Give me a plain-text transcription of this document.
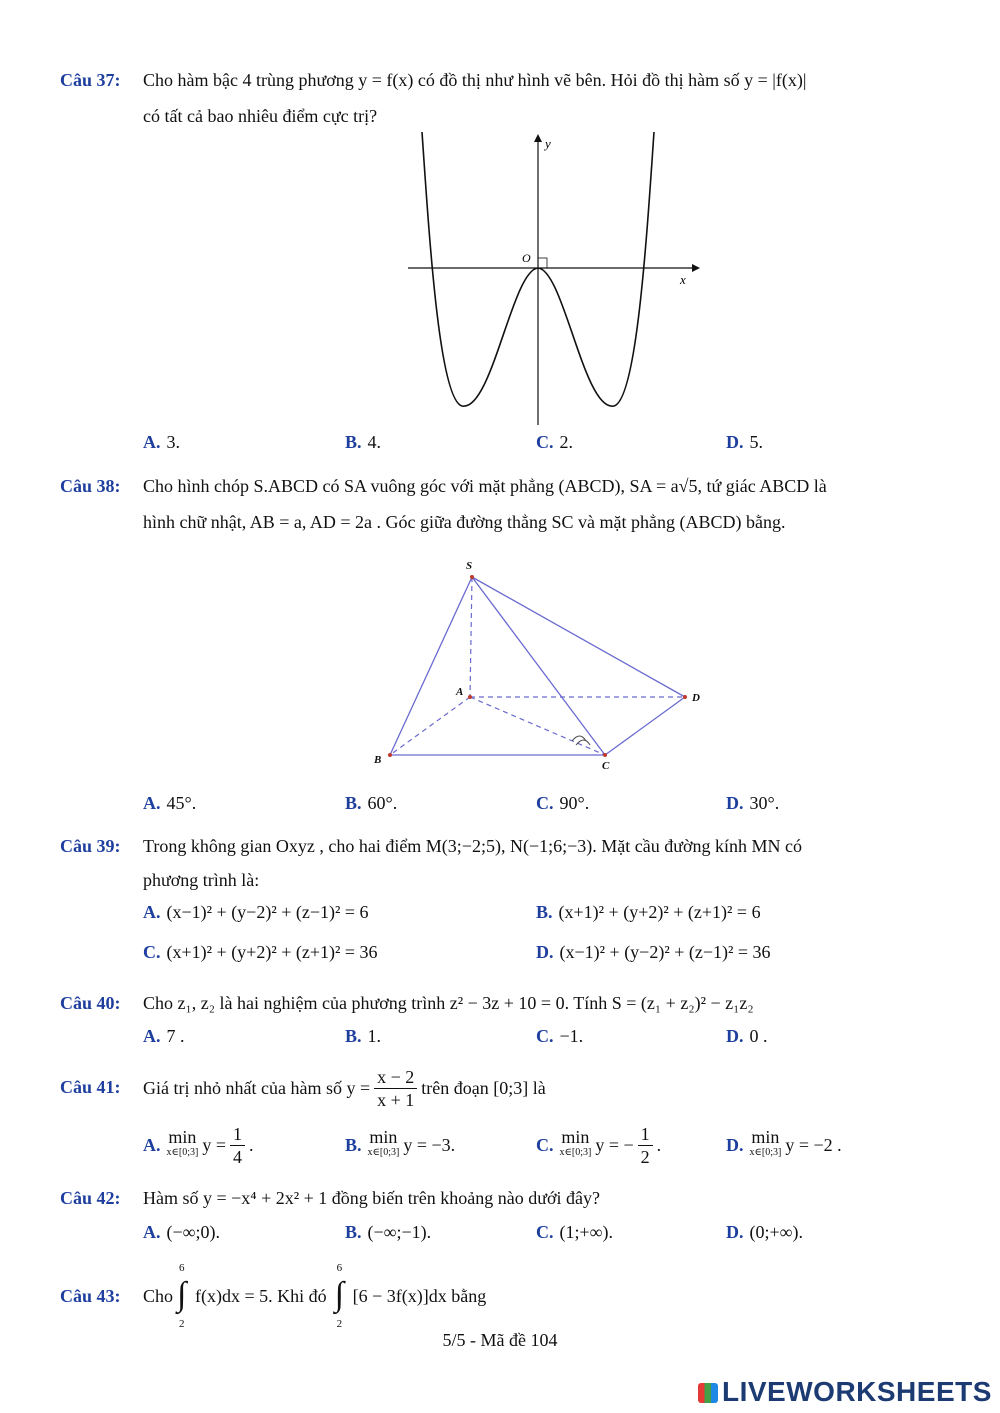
Câu 37: Cho hàm bậc 4 trùng phương y = f(x) có đồ thị như hình vẽ bên. Hỏi đồ thị hàm số y = |f(x)|
có tất cả bao nhiêu điểm cực trị?
y
x
O
A. 3.	B. 4.	C. 2.	D. 5.
Câu 38: Cho hình chóp S.ABCD có SA vuông góc với mặt phẳng (ABCD), SA = a√5, tứ giác ABCD là
hình chữ nhật, AB = a, AD = 2a . Góc giữa đường thẳng SC và mặt phẳng (ABCD) bằng.
S
A
B	C
D
A. 45°.	B. 60°.	C. 90°.	D. 30°.
Câu 39: Trong không gian Oxyz , cho hai điểm M(3;−2;5), N(−1;6;−3). Mặt cầu đường kính MN có
phương trình là:
A. (x−1)² + (y−2)² + (z−1)² = 6	B. (x+1)² + (y+2)² + (z+1)² = 6
C. (x+1)² + (y+2)² + (z+1)² = 36	D. (x−1)² + (y−2)² + (z−1)² = 36
Câu 40: Cho z₁, z₂ là hai nghiệm của phương trình z² − 3z + 10 = 0. Tính S = (z₁ + z₂)² − z₁z₂
A. 7 .	B. 1.	C. −1.	D. 0 .
Câu 41: Giá trị nhỏ nhất của hàm số $y = \frac{x - 2}{x + 1}$ trên đoạn [0;3] là
A. min
x∈[0;3] $y = \frac{1}{4}$ .	B. min
x∈[0;3] y = −3.	C. min
x∈[0;3] y = − $\frac{1}{2}$ .	D. min
x∈[0;3] y = −2 .
Câu 42: Hàm số y = −x⁴ + 2x² + 1 đồng biến trên khoảng nào dưới đây?
A. (−∞;0).	B. (−∞;−1).	C. (1;+∞).	D. (0;+∞).
Câu 43: Cho ∫
6
2
f(x)dx = 5. Khi đó ∫
6
2
[6 − 3f(x)]dx bằng
5/5 - Mã đề 104
LIVEWORKSHEETS
